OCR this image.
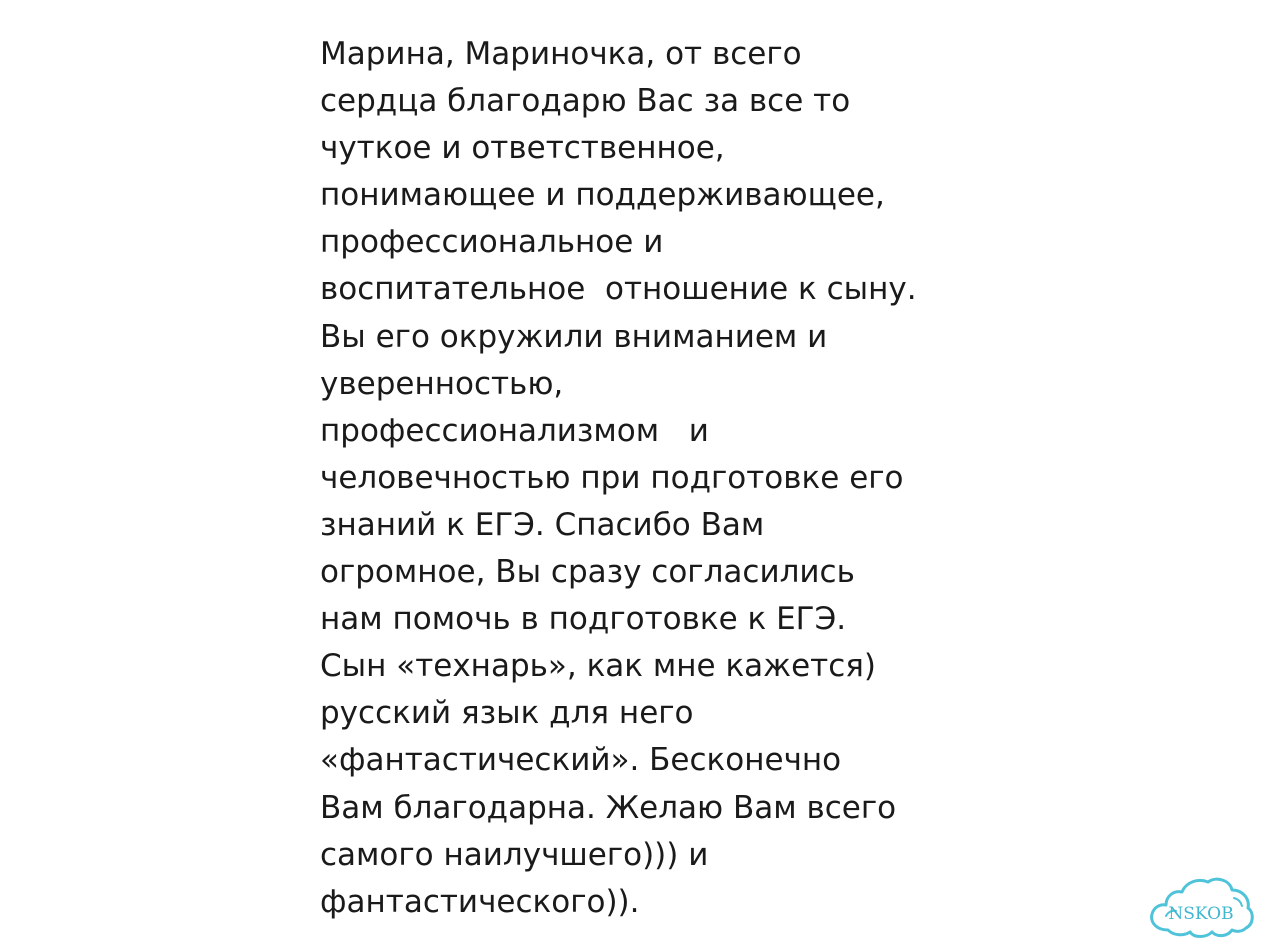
Марина, Мариночка, от всего
сердца благодарю Вас за все то
чуткое и ответственное,
понимающее и поддерживающее,
профессиональное и
воспитательное  отношение к сыну.
Вы его окружили вниманием и
уверенностью,
профессионализмом   и
человечностью при подготовке его
знаний к ЕГЭ. Спасибо Вам
огромное, Вы сразу согласились
нам помочь в подготовке к ЕГЭ.
Сын «технарь», как мне кажется)
русский язык для него
«фантастический». Бесконечно
Вам благодарна. Желаю Вам всего
самого наилучшего))) и
фантастического)).	NSKOB
